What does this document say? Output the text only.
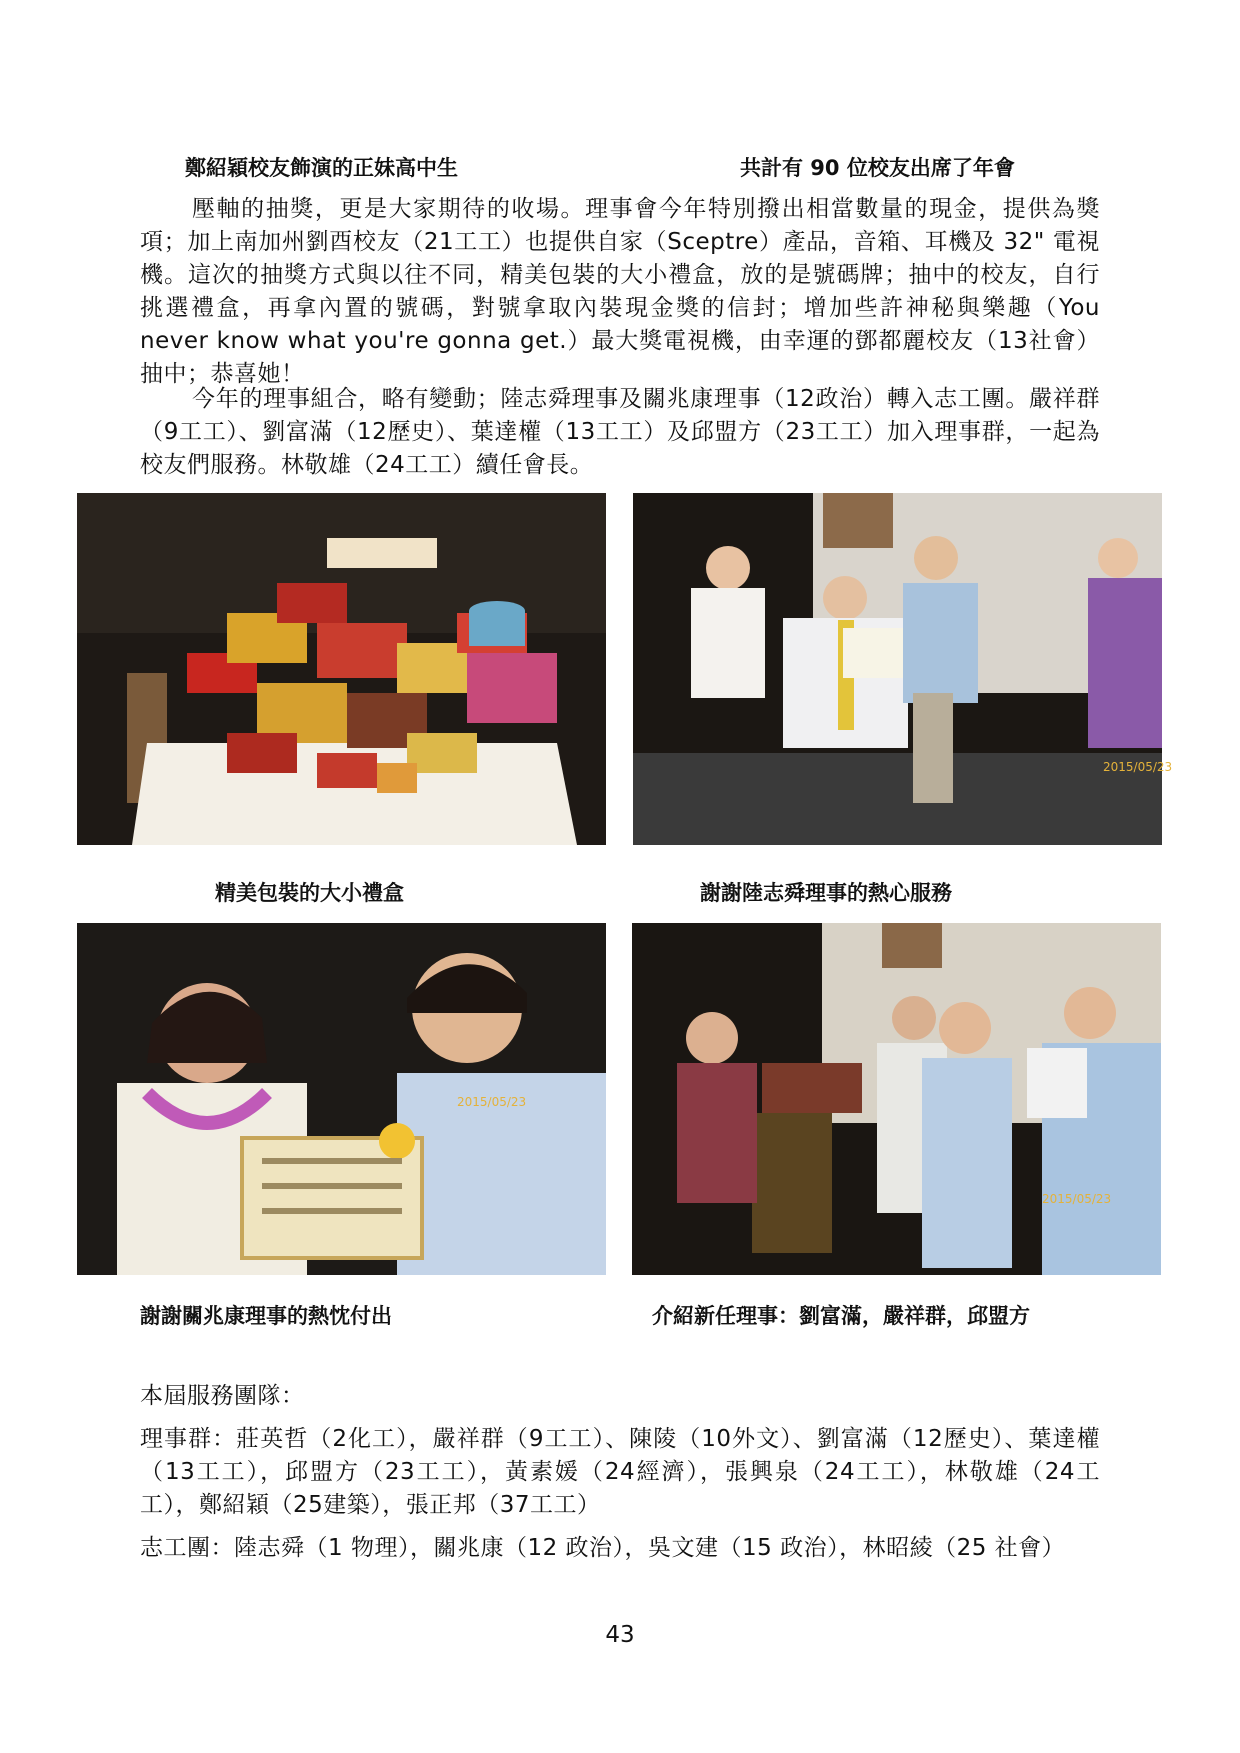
鄭紹穎校友飾演的正妹高中生	共計有 90 位校友出席了年會

壓軸的抽獎，更是大家期待的收場。理事會今年特別撥出相當數量的現金，提供為獎項；加上南加州劉酉校友（21工工）也提供自家（Sceptre）產品，音箱、耳機及 32" 電視機。這次的抽獎方式與以往不同，精美包裝的大小禮盒，放的是號碼牌；抽中的校友，自行挑選禮盒，再拿內置的號碼，對號拿取內裝現金獎的信封；增加些許神秘與樂趣（You never know what you're gonna get.）最大獎電視機，由幸運的鄧都麗校友（13社會）抽中；恭喜她！

今年的理事組合，略有變動；陸志舜理事及關兆康理事（12政治）轉入志工團。嚴祥群（9工工）、劉富滿（12歷史）、葉達權（13工工）及邱盟方（23工工）加入理事群，一起為校友們服務。林敬雄（24工工）續任會長。

2015/05/23
精美包裝的大小禮盒	謝謝陸志舜理事的熱心服務
2015/05/23
2015/05/23
謝謝關兆康理事的熱忱付出	介紹新任理事：劉富滿，嚴祥群，邱盟方

本屆服務團隊：

理事群：莊英哲（2化工），嚴祥群（9工工）、陳陵（10外文）、劉富滿（12歷史）、葉達權（13工工），邱盟方（23工工），黃素媛（24經濟），張興泉（24工工），林敬雄（24工工），鄭紹穎（25建築），張正邦（37工工）

志工團：陸志舜（1 物理），關兆康（12 政治），吳文建（15 政治），林昭綾（25 社會）

43
